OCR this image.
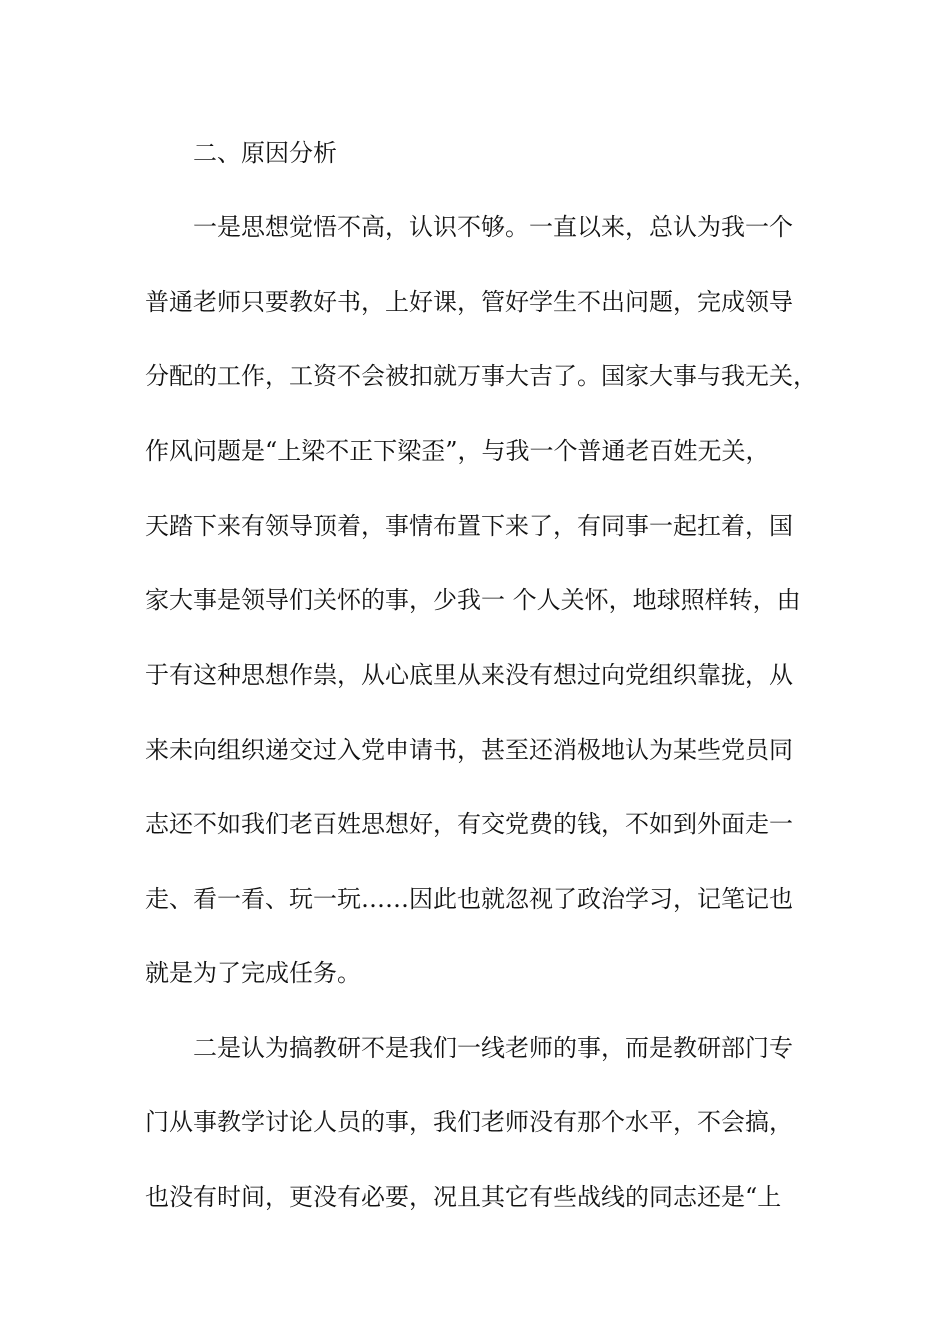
二、原因分析
一是思想觉悟不高，认识不够。一直以来，总认为我一个
普通老师只要教好书，上好课，管好学生不出问题，完成领导
分配的工作，工资不会被扣就万事大吉了。国家大事与我无关，
作风问题是“上梁不正下梁歪”，与我一个普通老百姓无关，
天踏下来有领导顶着，事情布置下来了，有同事一起扛着，国
家大事是领导们关怀的事，少我一 个人关怀，地球照样转，由
于有这种思想作祟，从心底里从来没有想过向党组织靠拢，从
来未向组织递交过入党申请书，甚至还消极地认为某些党员同
志还不如我们老百姓思想好，有交党费的钱，不如到外面走一
走、看一看、玩一玩……因此也就忽视了政治学习，记笔记也
就是为了完成任务。
二是认为搞教研不是我们一线老师的事，而是教研部门专
门从事教学讨论人员的事，我们老师没有那个水平，不会搞，
也没有时间，更没有必要，况且其它有些战线的同志还是“上
